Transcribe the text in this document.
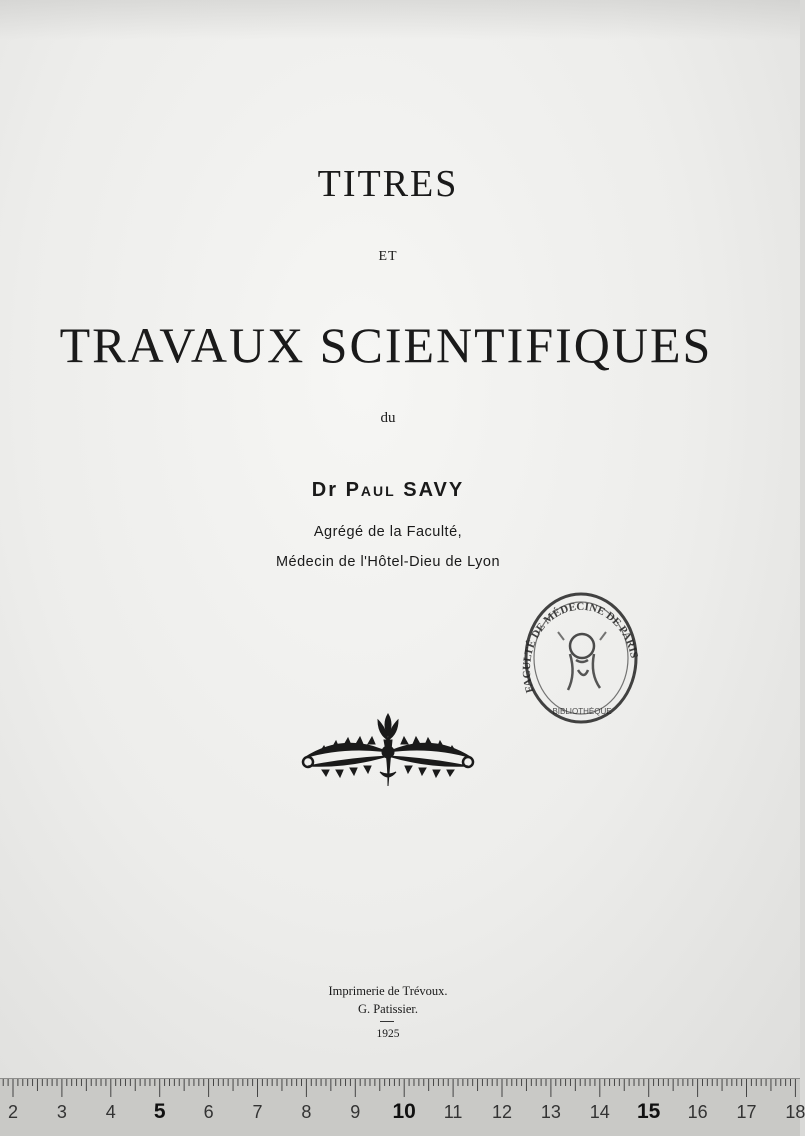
TITRES
ET
TRAVAUX SCIENTIFIQUES
du
Dr Paul SAVY
Agrégé de la Faculté,
Médecin de l'Hôtel-Dieu de Lyon
FACULTÉ DE MÉDECINE DE PARIS
BIBLIOTHÈQUE
Imprimerie de Trévoux.
G. Patissier.
1925
2 3 4 5 6 7 8 9 10 11 12 13 14 15 16 17 18
